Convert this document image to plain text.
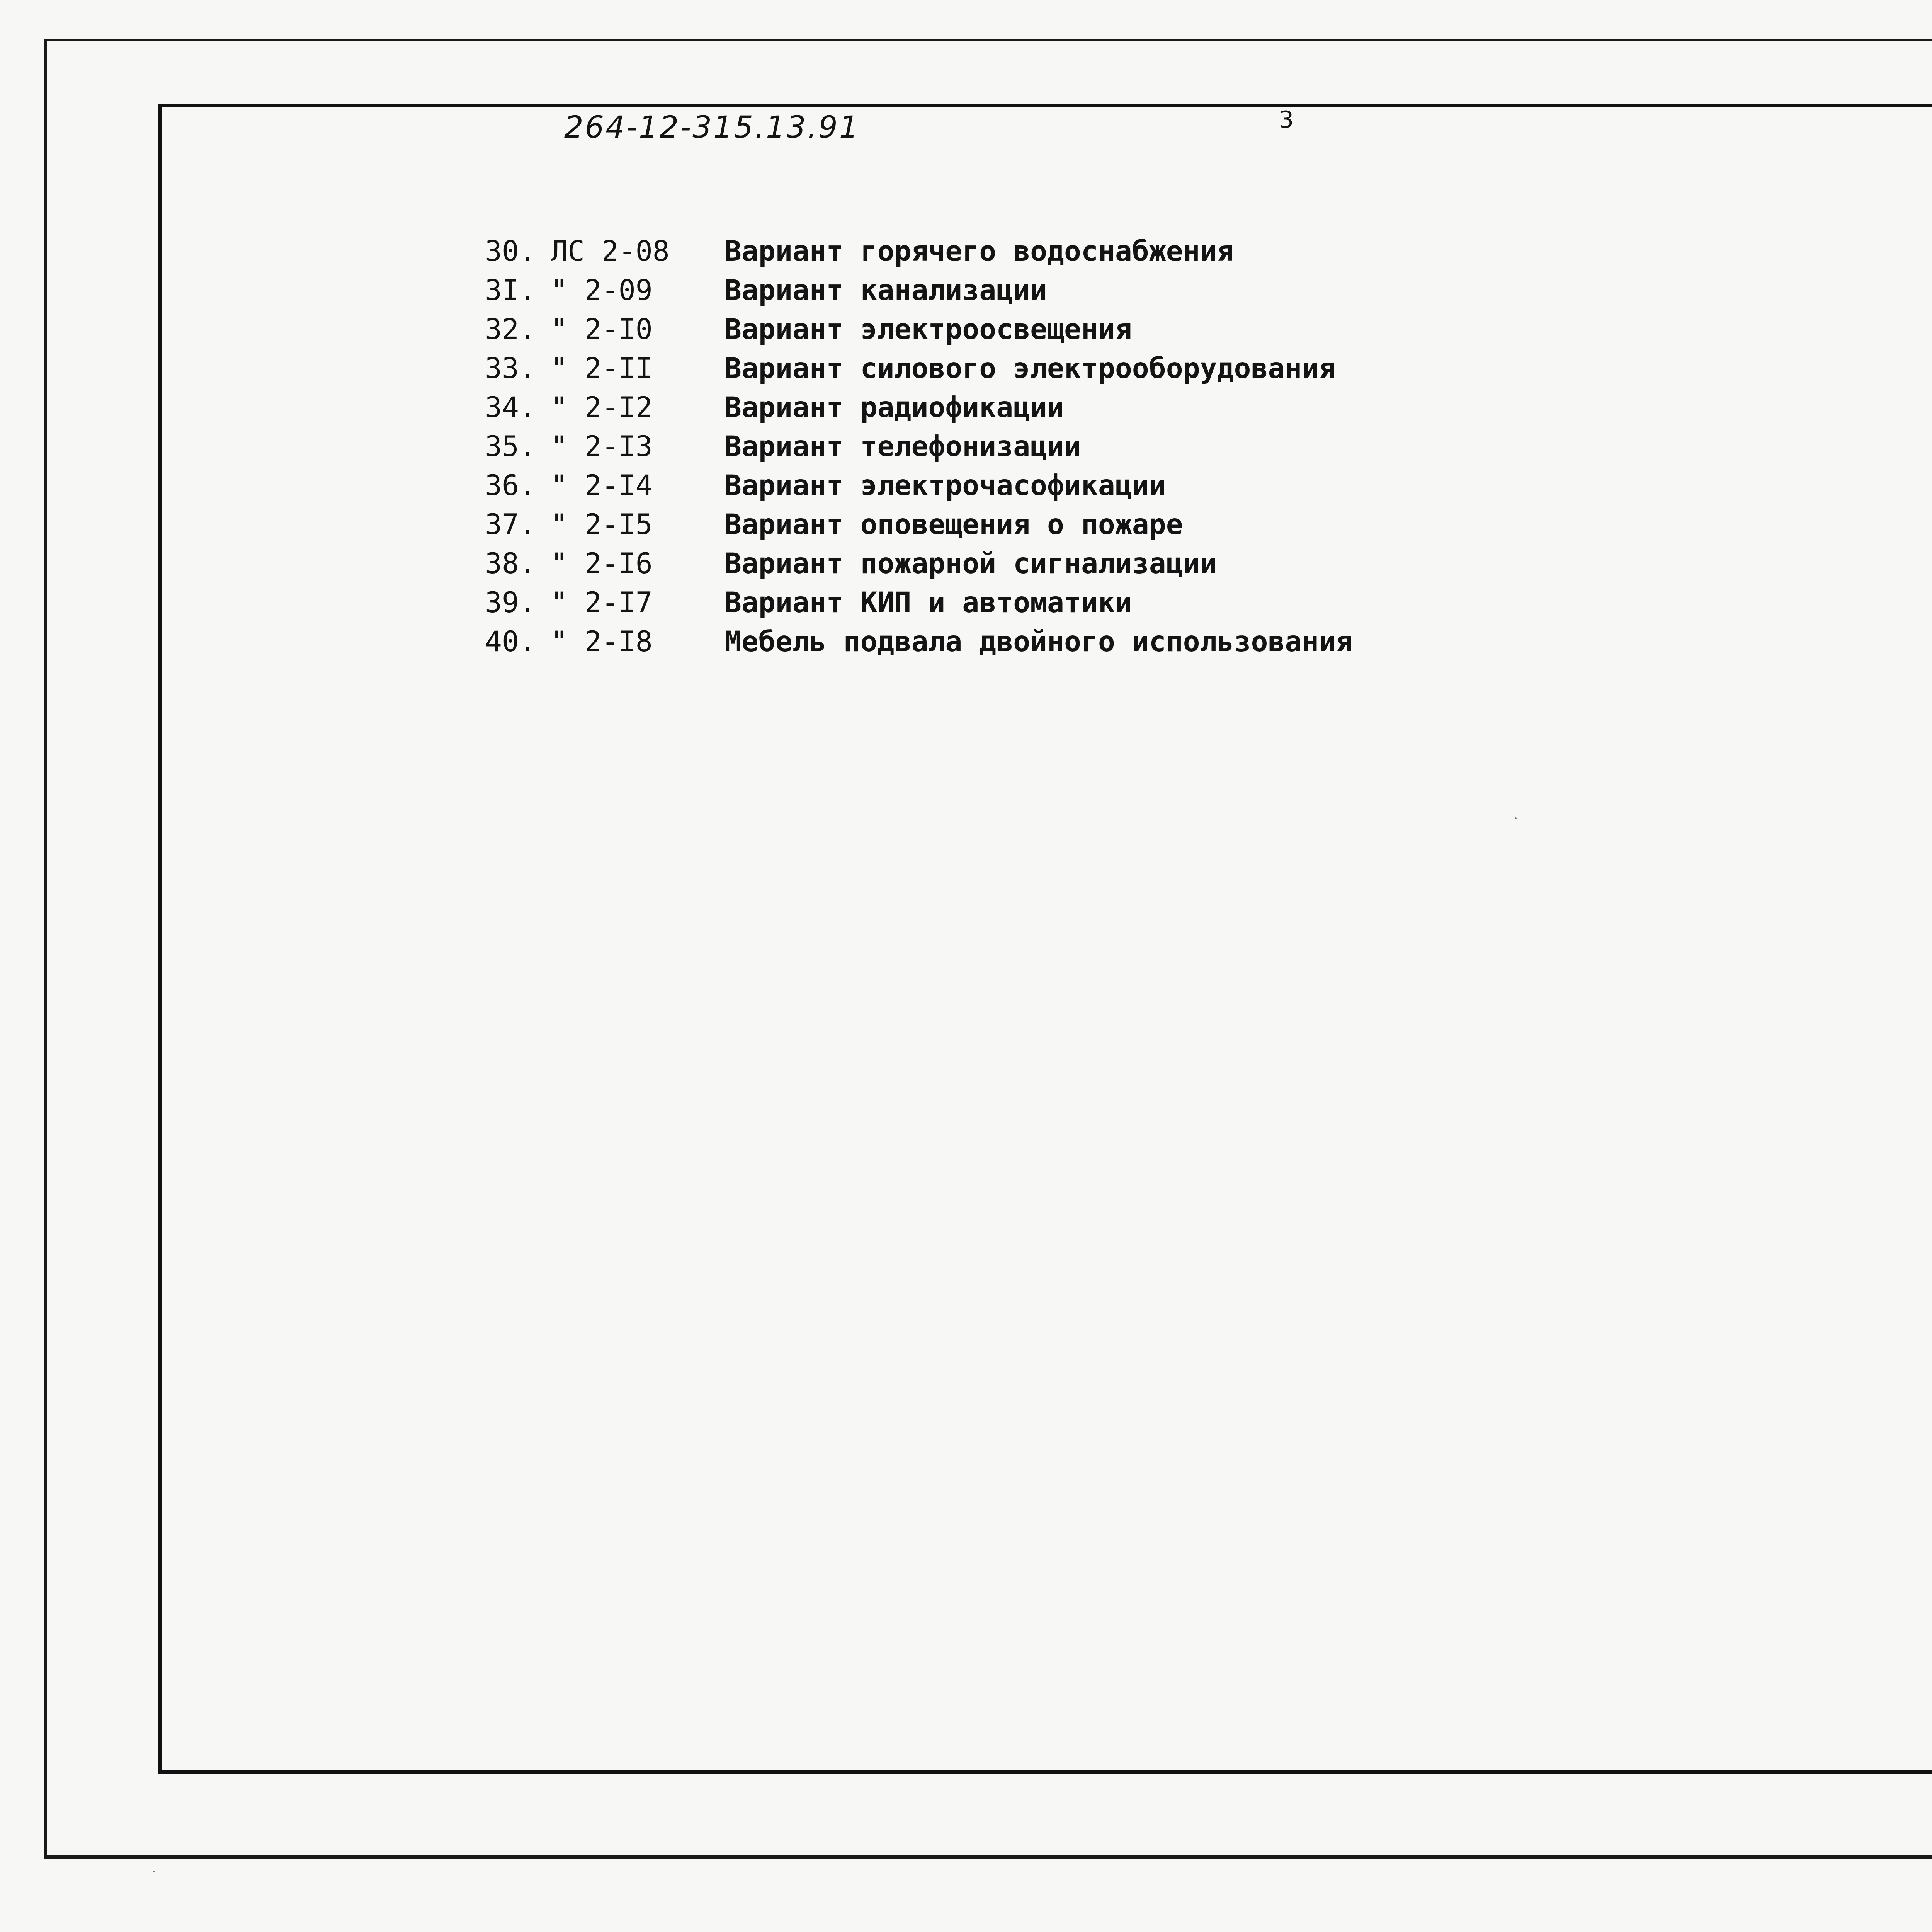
264-12-315.13.91	3
30. ЛС 2-08 Вариант горячего водоснабжения
3I. " 2-09	Вариант канализации
32. " 2-I0	Вариант электроосвещения
33. " 2-II	Вариант силового электрооборудования
34. " 2-I2	Вариант радиофикации
35. " 2-I3	Вариант телефонизации
36. " 2-I4	Вариант электрочасофикации
37. " 2-I5	Вариант оповещения о пожаре
38. " 2-I6	Вариант пожарной сигнализации
39. " 2-I7	Вариант КИП и автоматики
40. " 2-I8	Мебель подвала двойного использования
